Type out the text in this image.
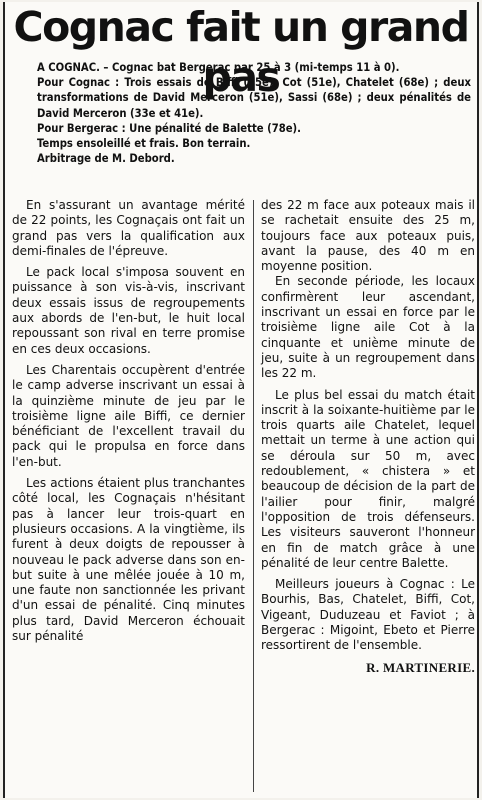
Cognac fait un grand pas

A COGNAC. – Cognac bat Bergerac par 25 à 3 (mi-temps 11 à 0).

Pour Cognac : Trois essais de Biffi (15e), Cot (51e), Chatelet (68e) ; deux transformations de David Merceron (51e), Sassi (68e) ; deux pénalités de David Merceron (33e et 41e).

Pour Bergerac : Une pénalité de Balette (78e).

Temps ensoleillé et frais. Bon terrain.

Arbitrage de M. Debord.

En s'assurant un avantage mérité de 22 points, les Cognaçais ont fait un grand pas vers la qualification aux demi-finales de l'épreuve.

Le pack local s'imposa souvent en puissance à son vis-à-vis, inscrivant deux essais issus de regroupements aux abords de l'en-but, le huit local repoussant son rival en terre promise en ces deux occasions.

Les Charentais occupèrent d'entrée le camp adverse inscrivant un essai à la quinzième minute de jeu par le troisième ligne aile Biffi, ce dernier bénéficiant de l'excellent travail du pack qui le propulsa en force dans l'en-but.

Les actions étaient plus tranchantes côté local, les Cognaçais n'hésitant pas à lancer leur trois-quart en plusieurs occasions. A la vingtième, ils furent à deux doigts de repousser à nouveau le pack adverse dans son en-but suite à une mêlée jouée à 10 m, une faute non sanctionnée les privant d'un essai de pénalité. Cinq minutes plus tard, David Merceron échouait sur pénalité

des 22 m face aux poteaux mais il se rachetait ensuite des 25 m, toujours face aux poteaux puis, avant la pause, des 40 m en moyenne position.

En seconde période, les locaux confirmèrent leur ascendant, inscrivant un essai en force par le troisième ligne aile Cot à la cinquante et unième minute de jeu, suite à un regroupement dans les 22 m.

Le plus bel essai du match était inscrit à la soixante-huitième par le trois quarts aile Chatelet, lequel mettait un terme à une action qui se déroula sur 50 m, avec redoublement, « chistera » et beaucoup de décision de la part de l'ailier pour finir, malgré l'opposition de trois défenseurs. Les visiteurs sauveront l'honneur en fin de match grâce à une pénalité de leur centre Balette.

Meilleurs joueurs à Cognac : Le Bourhis, Bas, Chatelet, Biffi, Cot, Vigeant, Duduzeau et Faviot ; à Bergerac : Migoint, Ebeto et Pierre ressortirent de l'ensemble.

R. MARTINERIE.
